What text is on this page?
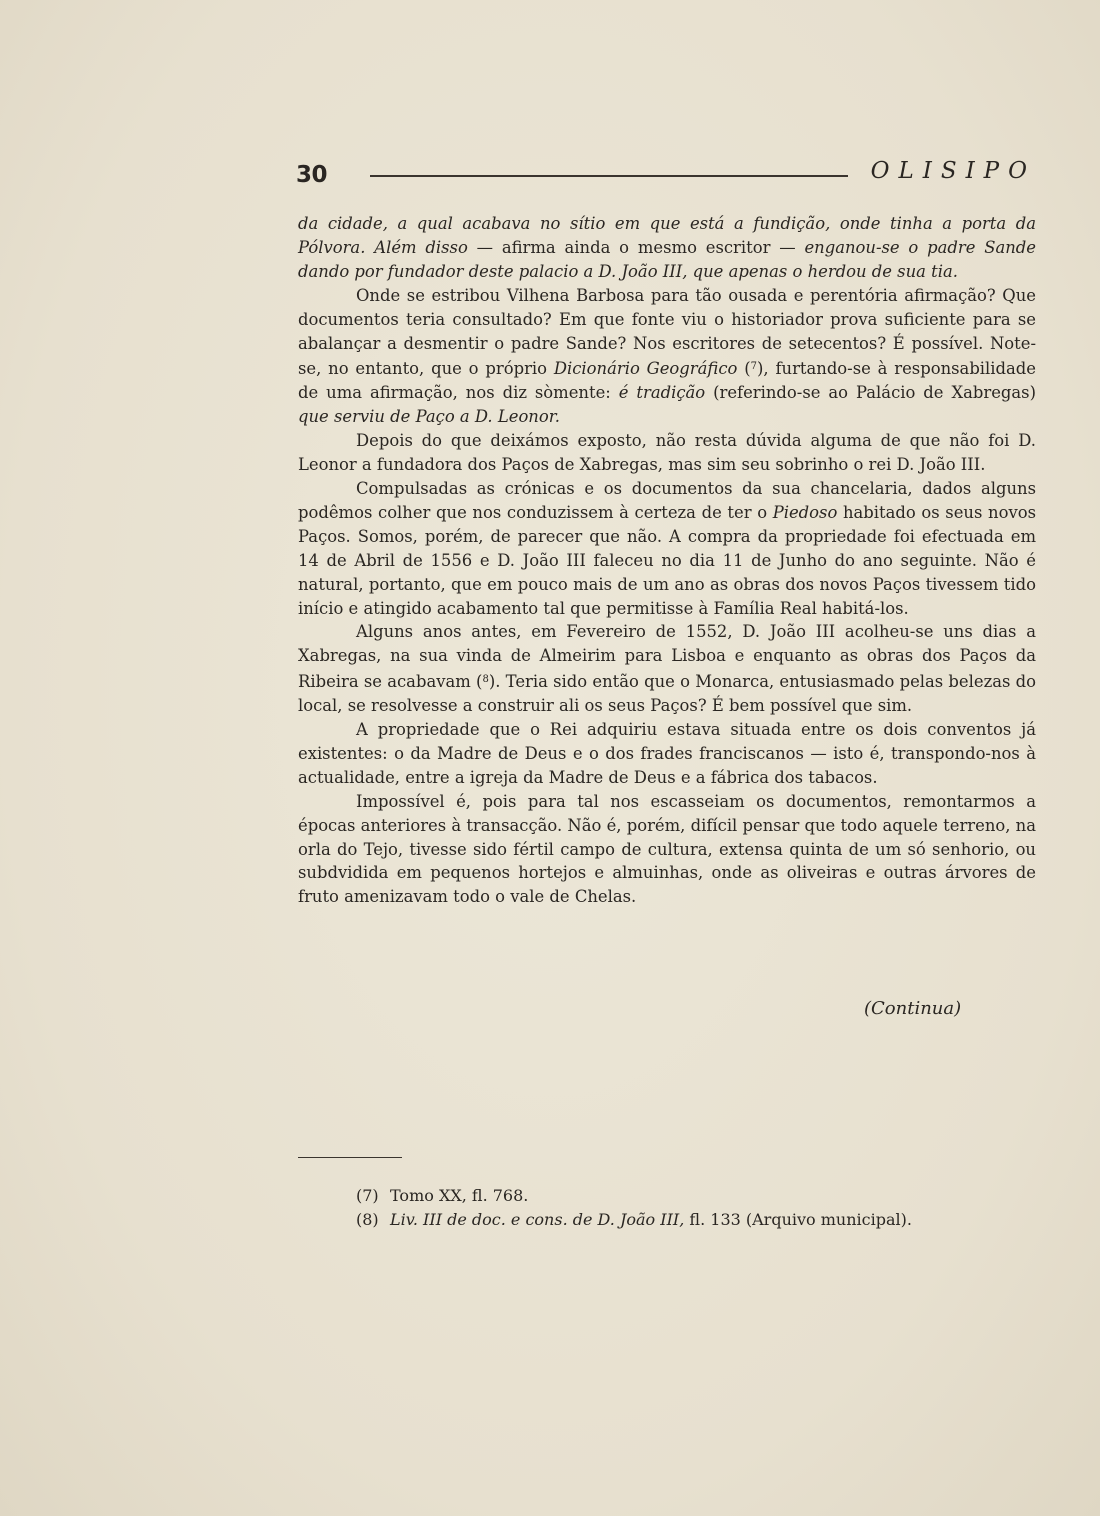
30	OLISIPO

da cidade, a qual acabava no sítio em que está a fundição, onde tinha a porta da Pólvora. Além disso — afirma ainda o mesmo escritor — enganou-se o padre Sande dando por fundador deste palacio a D. João III, que apenas o herdou de sua tia.

Onde se estribou Vilhena Barbosa para tão ousada e perentória afirmação? Que documentos teria consultado? Em que fonte viu o historiador prova suficiente para se abalançar a desmentir o padre Sande? Nos escritores de setecentos? É possível. Note-se, no entanto, que o próprio Dicionário Geográfico ($^7$), furtando-se à responsabilidade de uma afirmação, nos diz sòmente: é tradição (referindo-se ao Palácio de Xabregas) que serviu de Paço a D. Leonor.

Depois do que deixámos exposto, não resta dúvida alguma de que não foi D. Leonor a fundadora dos Paços de Xabregas, mas sim seu sobrinho o rei D. João III.

Compulsadas as crónicas e os documentos da sua chancelaria, dados alguns podêmos colher que nos conduzissem à certeza de ter o Piedoso habitado os seus novos Paços. Somos, porém, de parecer que não. A compra da propriedade foi efectuada em 14 de Abril de 1556 e D. João III faleceu no dia 11 de Junho do ano seguinte. Não é natural, portanto, que em pouco mais de um ano as obras dos novos Paços tivessem tido início e atingido acabamento tal que permitisse à Família Real habitá-los.

Alguns anos antes, em Fevereiro de 1552, D. João III acolheu-se uns dias a Xabregas, na sua vinda de Almeirim para Lisboa e enquanto as obras dos Paços da Ribeira se acabavam ($^8$). Teria sido então que o Monarca, entusiasmado pelas belezas do local, se resolvesse a construir ali os seus Paços? É bem possível que sim.

A propriedade que o Rei adquiriu estava situada entre os dois conventos já existentes: o da Madre de Deus e o dos frades franciscanos — isto é, transpondo-nos à actualidade, entre a igreja da Madre de Deus e a fábrica dos tabacos.

Impossível é, pois para tal nos escasseiam os documentos, remontarmos a épocas anteriores à transacção. Não é, porém, difícil pensar que todo aquele terreno, na orla do Tejo, tivesse sido fértil campo de cultura, extensa quinta de um só senhorio, ou subdvidida em pequenos hortejos e almuinhas, onde as oliveiras e outras árvores de fruto amenizavam todo o vale de Chelas.

(Continua)
(7) Tomo XX, fl. 768.
(8) Liv. III de doc. e cons. de D. João III, fl. 133 (Arquivo municipal).
